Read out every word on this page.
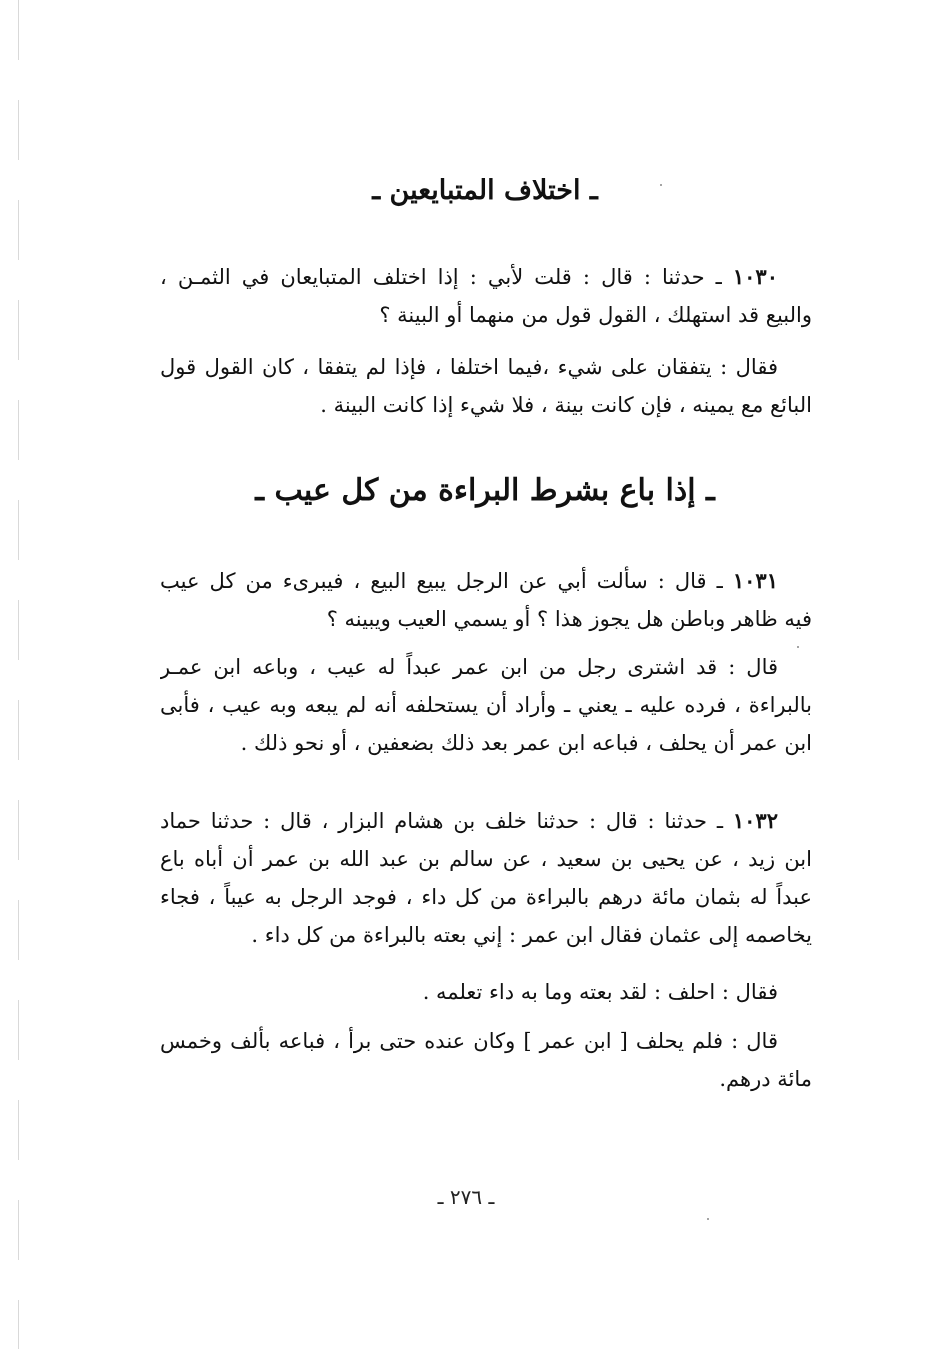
ـ اختلاف المتبايعين ـ
١٠٣٠ ـ حدثنا : قال : قلت لأبي : إذا اختلف المتبايعان في الثمـن ،
والبيع قد استهلك ، القول قول من منهما أو البينة ؟
فقال : يتفقان على شيء ،فيما اختلفا ، فإذا لم يتفقا ، كان القول قول
البائع مع يمينه ، فإن كانت بينة ، فلا شيء إذا كانت البينة .
ـ إذا باع بشرط البراءة من كل عيب ـ
١٠٣١ ـ قال : سألت أبي عن الرجل يبيع البيع ، فيبرىء من كل عيب
فيه ظاهر وباطن هل يجوز هذا ؟ أو يسمي العيب ويبينه ؟
قال : قد اشترى رجل من ابن عمر عبداً له عيب ، وباعه ابن عمـر
بالبراءة ، فرده عليه ـ يعني ـ وأراد أن يستحلفه أنه لم يبعه وبه عيب ، فأبى
ابن عمر أن يحلف ، فباعه ابن عمر بعد ذلك بضعفين ، أو نحو ذلك .
١٠٣٢ ـ حدثنا : قال : حدثنا خلف بن هشام البزار ، قال : حدثنا حماد
ابن زيد ، عن يحيى بن سعيد ، عن سالم بن عبد الله بن عمر أن أباه باع
عبداً له بثمان مائة درهم بالبراءة من كل داء ، فوجد الرجل به عيباً ، فجاء
يخاصمه إلى عثمان فقال ابن عمر : إني بعته بالبراءة من كل داء .
فقال : احلف : لقد بعته وما به داء تعلمه .
قال : فلم يحلف [ ابن عمر ] وكان عنده حتى برأ ، فباعه بألف وخمس
مائة درهم.
ـ ٢٧٦ ـ
